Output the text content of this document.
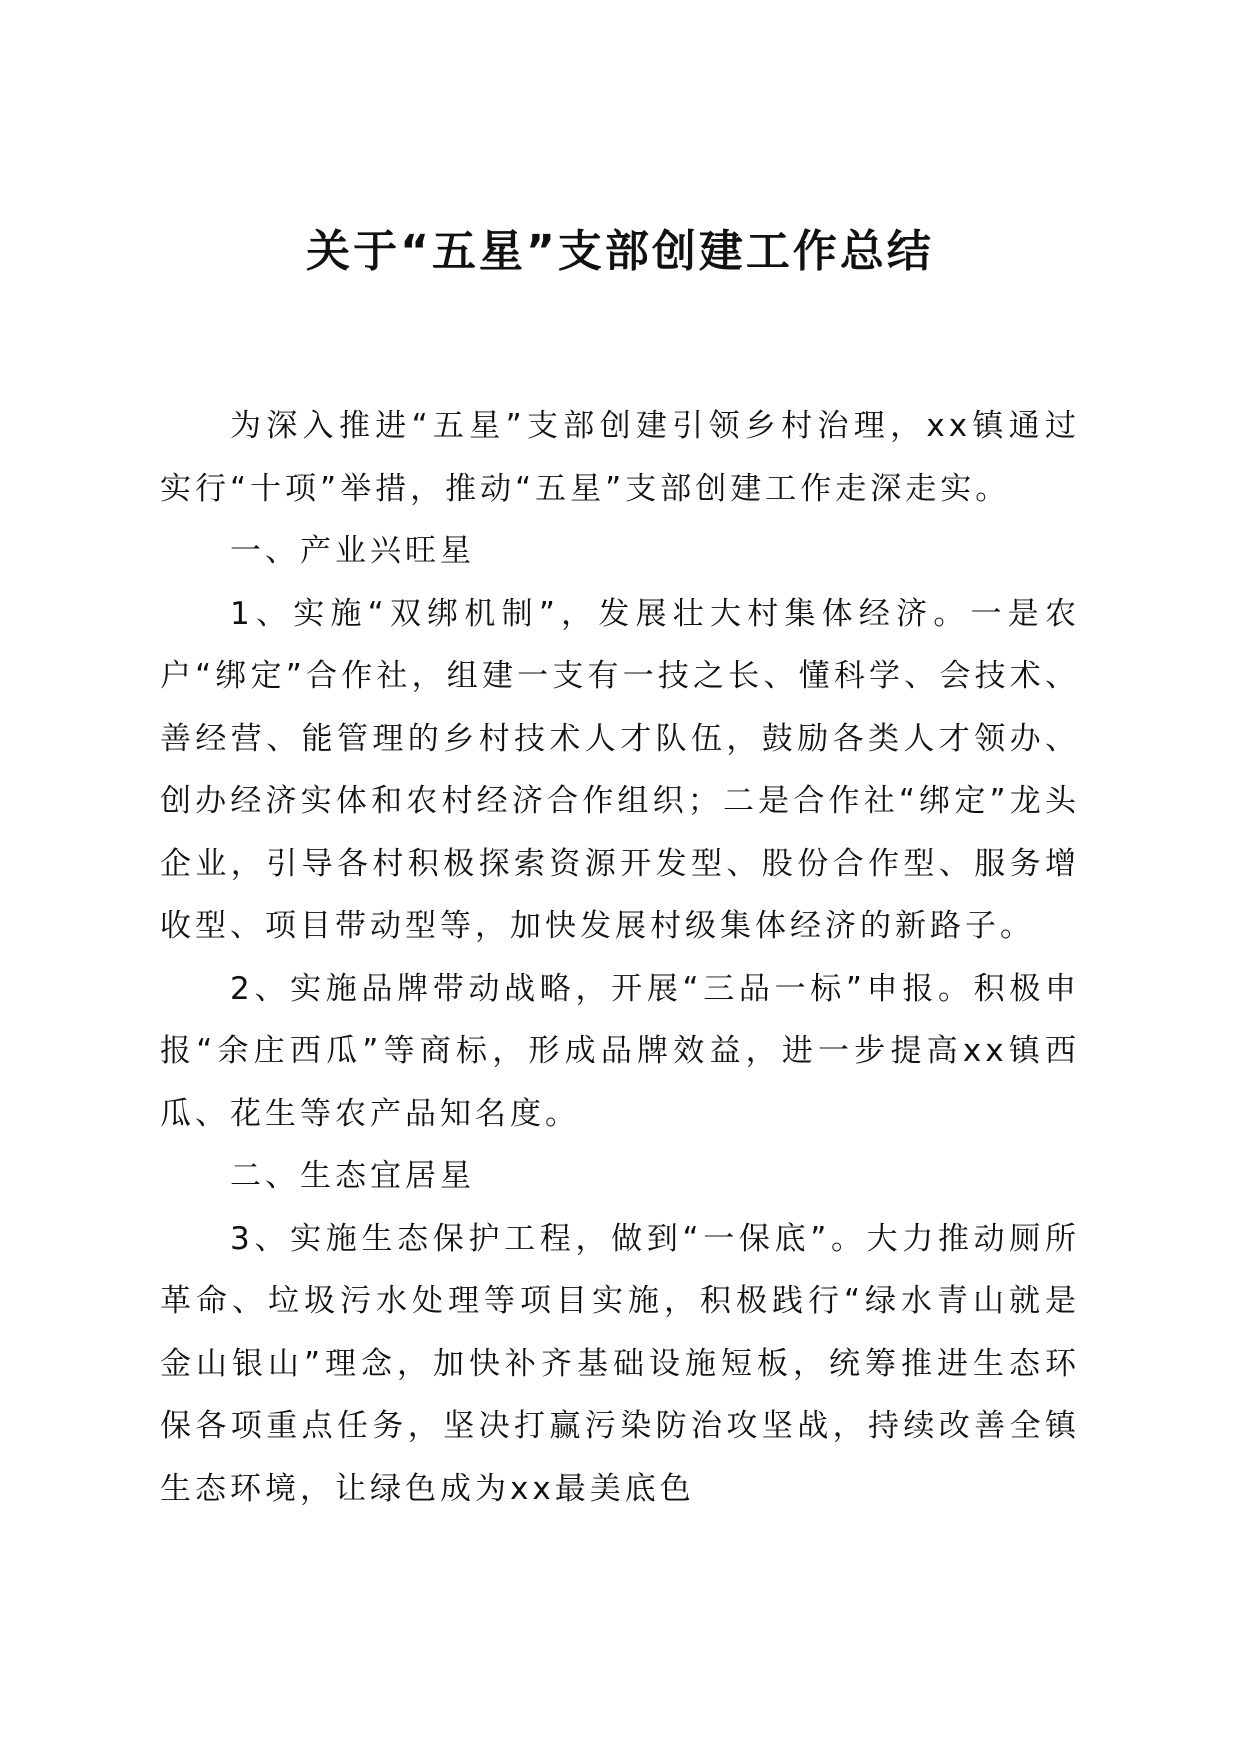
关于“五星”支部创建工作总结

为深入推进“五星”支部创建引领乡村治理，xx镇通过实行“十项”举措，推动“五星”支部创建工作走深走实。

一、产业兴旺星

1、实施“双绑机制”，发展壮大村集体经济。一是农户“绑定”合作社，组建一支有一技之长、懂科学、会技术、善经营、能管理的乡村技术人才队伍，鼓励各类人才领办、创办经济实体和农村经济合作组织；二是合作社“绑定”龙头企业，引导各村积极探索资源开发型、股份合作型、服务增收型、项目带动型等，加快发展村级集体经济的新路子。

2、实施品牌带动战略，开展“三品一标”申报。积极申报“余庄西瓜”等商标，形成品牌效益，进一步提高xx镇西瓜、花生等农产品知名度。

二、生态宜居星

3、实施生态保护工程，做到“一保底”。大力推动厕所革命、垃圾污水处理等项目实施，积极践行“绿水青山就是金山银山”理念，加快补齐基础设施短板，统筹推进生态环保各项重点任务，坚决打赢污染防治攻坚战，持续改善全镇生态环境，让绿色成为xx最美底色
